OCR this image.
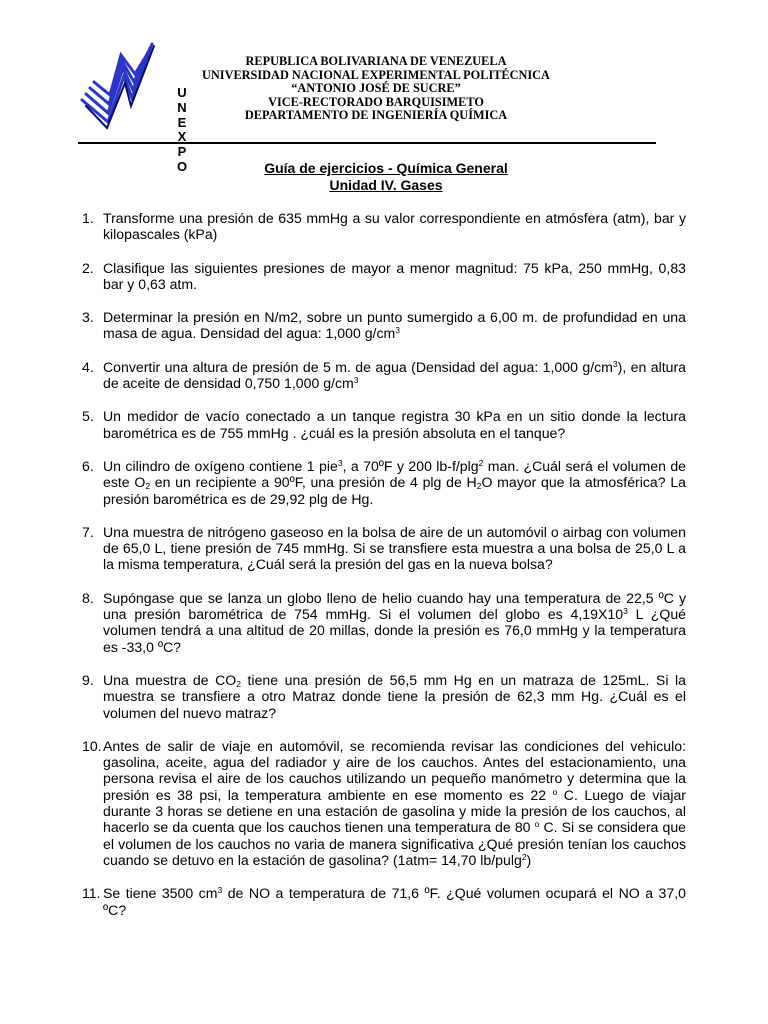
U
N
E
X
P
O
REPUBLICA BOLIVARIANA DE VENEZUELA
UNIVERSIDAD NACIONAL EXPERIMENTAL POLITÉCNICA
“ANTONIO JOSÉ DE SUCRE”
VICE-RECTORADO BARQUISIMETO
DEPARTAMENTO DE INGENIERÍA QUÍMICA
Guía de ejercicios - Química General
Unidad IV. Gases
1. Transforme una presión de 635 mmHg a su valor correspondiente en atmósfera (atm), bar y kilopascales (kPa)
2. Clasifique las siguientes presiones de mayor a menor magnitud: 75 kPa, 250 mmHg, 0,83 bar y 0,63 atm.
3. Determinar la presión en N/m2, sobre un punto sumergido a 6,00 m. de profundidad en una masa de agua. Densidad del agua: 1,000 $g/cm^3$
4. Convertir una altura de presión de 5 m. de agua (Densidad del agua: 1,000 $g/cm^3$), en altura de aceite de densidad 0,750 1,000 $g/cm^3$
5. Un medidor de vacío conectado a un tanque registra 30 kPa en un sitio donde la lectura barométrica es de 755 mmHg . ¿cuál es la presión absoluta en el tanque?
6. Un cilindro de oxígeno contiene 1 pie$^3$, a 70ºF y 200 lb-f/plg$^2$ man. ¿Cuál será el volumen de este $O_2$ en un recipiente a 90ºF, una presión de 4 plg de $H_2O$ mayor que la atmosférica? La presión barométrica es de 29,92 plg de Hg.
7. Una muestra de nitrógeno gaseoso en la bolsa de aire de un automóvil o airbag con volumen de 65,0 L, tiene presión de 745 mmHg. Si se transfiere esta muestra a una bolsa de 25,0 L a la misma temperatura, ¿Cuál será la presión del gas en la nueva bolsa?
8. Supóngase que se lanza un globo lleno de helio cuando hay una temperatura de 22,5 ºC y una presión barométrica de 754 mmHg. Si el volumen del globo es $4,19X10^3$ L ¿Qué volumen tendrá a una altitud de 20 millas, donde la presión es 76,0 mmHg y la temperatura es -33,0 ºC?
9. Una muestra de $CO_2$ tiene una presión de 56,5 mm Hg en un matraza de 125mL. Si la muestra se transfiere a otro Matraz donde tiene la presión de 62,3 mm Hg. ¿Cuál es el volumen del nuevo matraz?
10. Antes de salir de viaje en automóvil, se recomienda revisar las condiciones del vehiculo: gasolina, aceite, agua del radiador y aire de los cauchos. Antes del estacionamiento, una persona revisa el aire de los cauchos utilizando un pequeño manómetro y determina que la presión es 38 psi, la temperatura ambiente en ese momento es 22 $^o$ C. Luego de viajar durante 3 horas se detiene en una estación de gasolina y mide la presión de los cauchos, al hacerlo se da cuenta que los cauchos tienen una temperatura de 80 $^o$ C. Si se considera que el volumen de los cauchos no varia de manera significativa ¿Qué presión tenían los cauchos cuando se detuvo en la estación de gasolina? (1atm= 14,70 lb/pulg$^2$)
11. Se tiene 3500 $cm^3$ de NO a temperatura de 71,6 ºF. ¿Qué volumen ocupará el NO a 37,0 ºC?
